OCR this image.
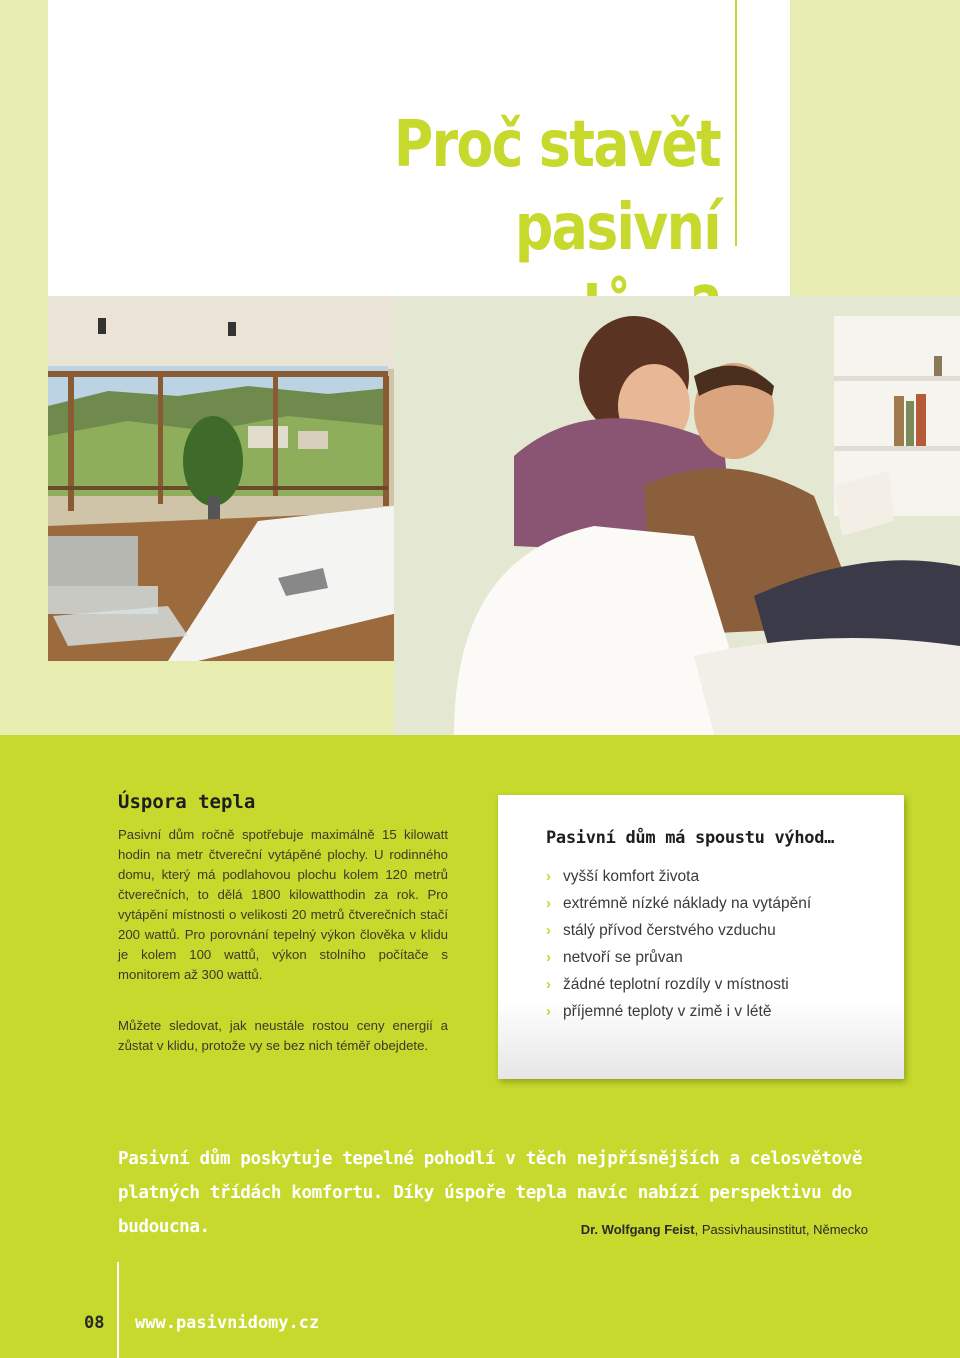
Proč stavět
pasivní
Úspora tepla
Pasivní dům ročně spotřebuje maximálně 15 kilowatt hodin na metr čtvereční vytápěné plochy. U rodinného domu, který má podlahovou plochu kolem 120 metrů čtverečních, to dělá 1800 kilowatthodin za rok. Pro vytápění místnosti o velikosti 20 metrů čtverečních stačí 200 wattů. Pro porovnání tepelný výkon člověka v klidu je kolem 100 wattů, výkon stolního počítače s monitorem až 300 wattů.
Můžete sledovat, jak neustále rostou ceny energií a zůstat v klidu, protože vy se bez nich téměř obejdete.
Pasivní dům má spoustu výhod…
› vyšší komfort života
› extrémně nízké náklady na vytápění
› stálý přívod čerstvého vzduchu
› netvoří se průvan
› žádné teplotní rozdíly v místnosti
› příjemné teploty v zimě i v létě
Pasivní dům poskytuje tepelné pohodlí v těch nejpřísnějších a celosvětově platných třídách komfortu. Díky úspoře tepla navíc nabízí perspektivu do budoucna.	Dr. Wolfgang Feist, Passivhausinstitut, Německo
08 www.pasivnidomy.cz
